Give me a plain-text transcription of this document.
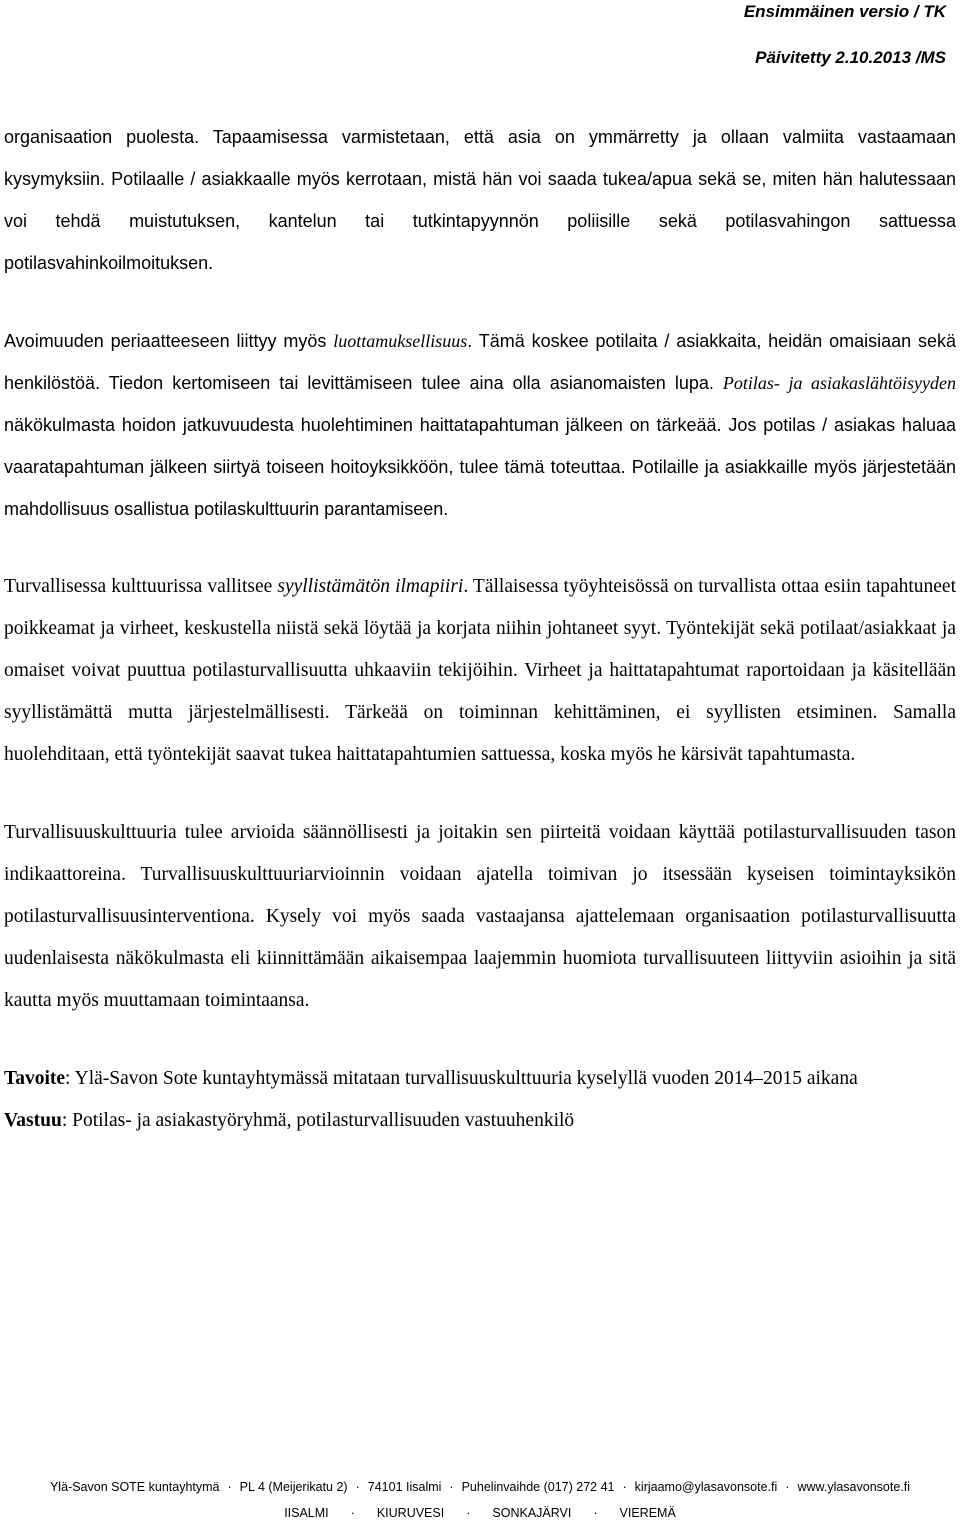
Ensimmäinen versio / TK
Päivitetty 2.10.2013 /MS

organisaation puolesta. Tapaamisessa varmistetaan, että asia on ymmärretty ja ollaan valmiita vastaamaan kysymyksiin. Potilaalle / asiakkaalle myös kerrotaan, mistä hän voi saada tukea/apua sekä se, miten hän halutessaan voi tehdä muistutuksen, kantelun tai tutkintapyynnön poliisille sekä potilasvahingon sattuessa potilasvahinkoilmoituksen.

Avoimuuden periaatteeseen liittyy myös luottamuksellisuus. Tämä koskee potilaita / asiakkaita, heidän omaisiaan sekä henkilöstöä. Tiedon kertomiseen tai levittämiseen tulee aina olla asianomaisten lupa. Potilas- ja asiakaslähtöisyyden näkökulmasta hoidon jatkuvuudesta huolehtiminen haittatapahtuman jälkeen on tärkeää. Jos potilas / asiakas haluaa vaaratapahtuman jälkeen siirtyä toiseen hoitoyksikköön, tulee tämä toteuttaa. Potilaille ja asiakkaille myös järjestetään mahdollisuus osallistua potilaskulttuurin parantamiseen.

Turvallisessa kulttuurissa vallitsee syyllistämätön ilmapiiri. Tällaisessa työyhteisössä on turvallista ottaa esiin tapahtuneet poikkeamat ja virheet, keskustella niistä sekä löytää ja korjata niihin johtaneet syyt. Työntekijät sekä potilaat/asiakkaat ja omaiset voivat puuttua potilasturvallisuutta uhkaaviin tekijöihin. Virheet ja haittatapahtumat raportoidaan ja käsitellään syyllistämättä mutta järjestelmällisesti. Tärkeää on toiminnan kehittäminen, ei syyllisten etsiminen. Samalla huolehditaan, että työntekijät saavat tukea haittatapahtumien sattuessa, koska myös he kärsivät tapahtumasta.

Turvallisuuskulttuuria tulee arvioida säännöllisesti ja joitakin sen piirteitä voidaan käyttää potilasturvallisuuden tason indikaattoreina. Turvallisuuskulttuuriarvioinnin voidaan ajatella toimivan jo itsessään kyseisen toimintayksikön potilasturvallisuusinterventiona. Kysely voi myös saada vastaajansa ajattelemaan organisaation potilasturvallisuutta uudenlaisesta näkökulmasta eli kiinnittämään aikaisempaa laajemmin huomiota turvallisuuteen liittyviin asioihin ja sitä kautta myös muuttamaan toimintaansa.

Tavoite: Ylä-Savon Sote kuntayhtymässä mitataan turvallisuuskulttuuria kyselyllä vuoden 2014–2015 aikana

Vastuu: Potilas- ja asiakastyöryhmä, potilasturvallisuuden vastuuhenkilö

Ylä-Savon SOTE kuntayhtymä · PL 4 (Meijerikatu 2) · 74101 Iisalmi · Puhelinvaihde (017) 272 41 · kirjaamo@ylasavonsote.fi · www.ylasavonsote.fi
IISALMI · KIURUVESI · SONKAJÄRVI · VIEREMÄ
